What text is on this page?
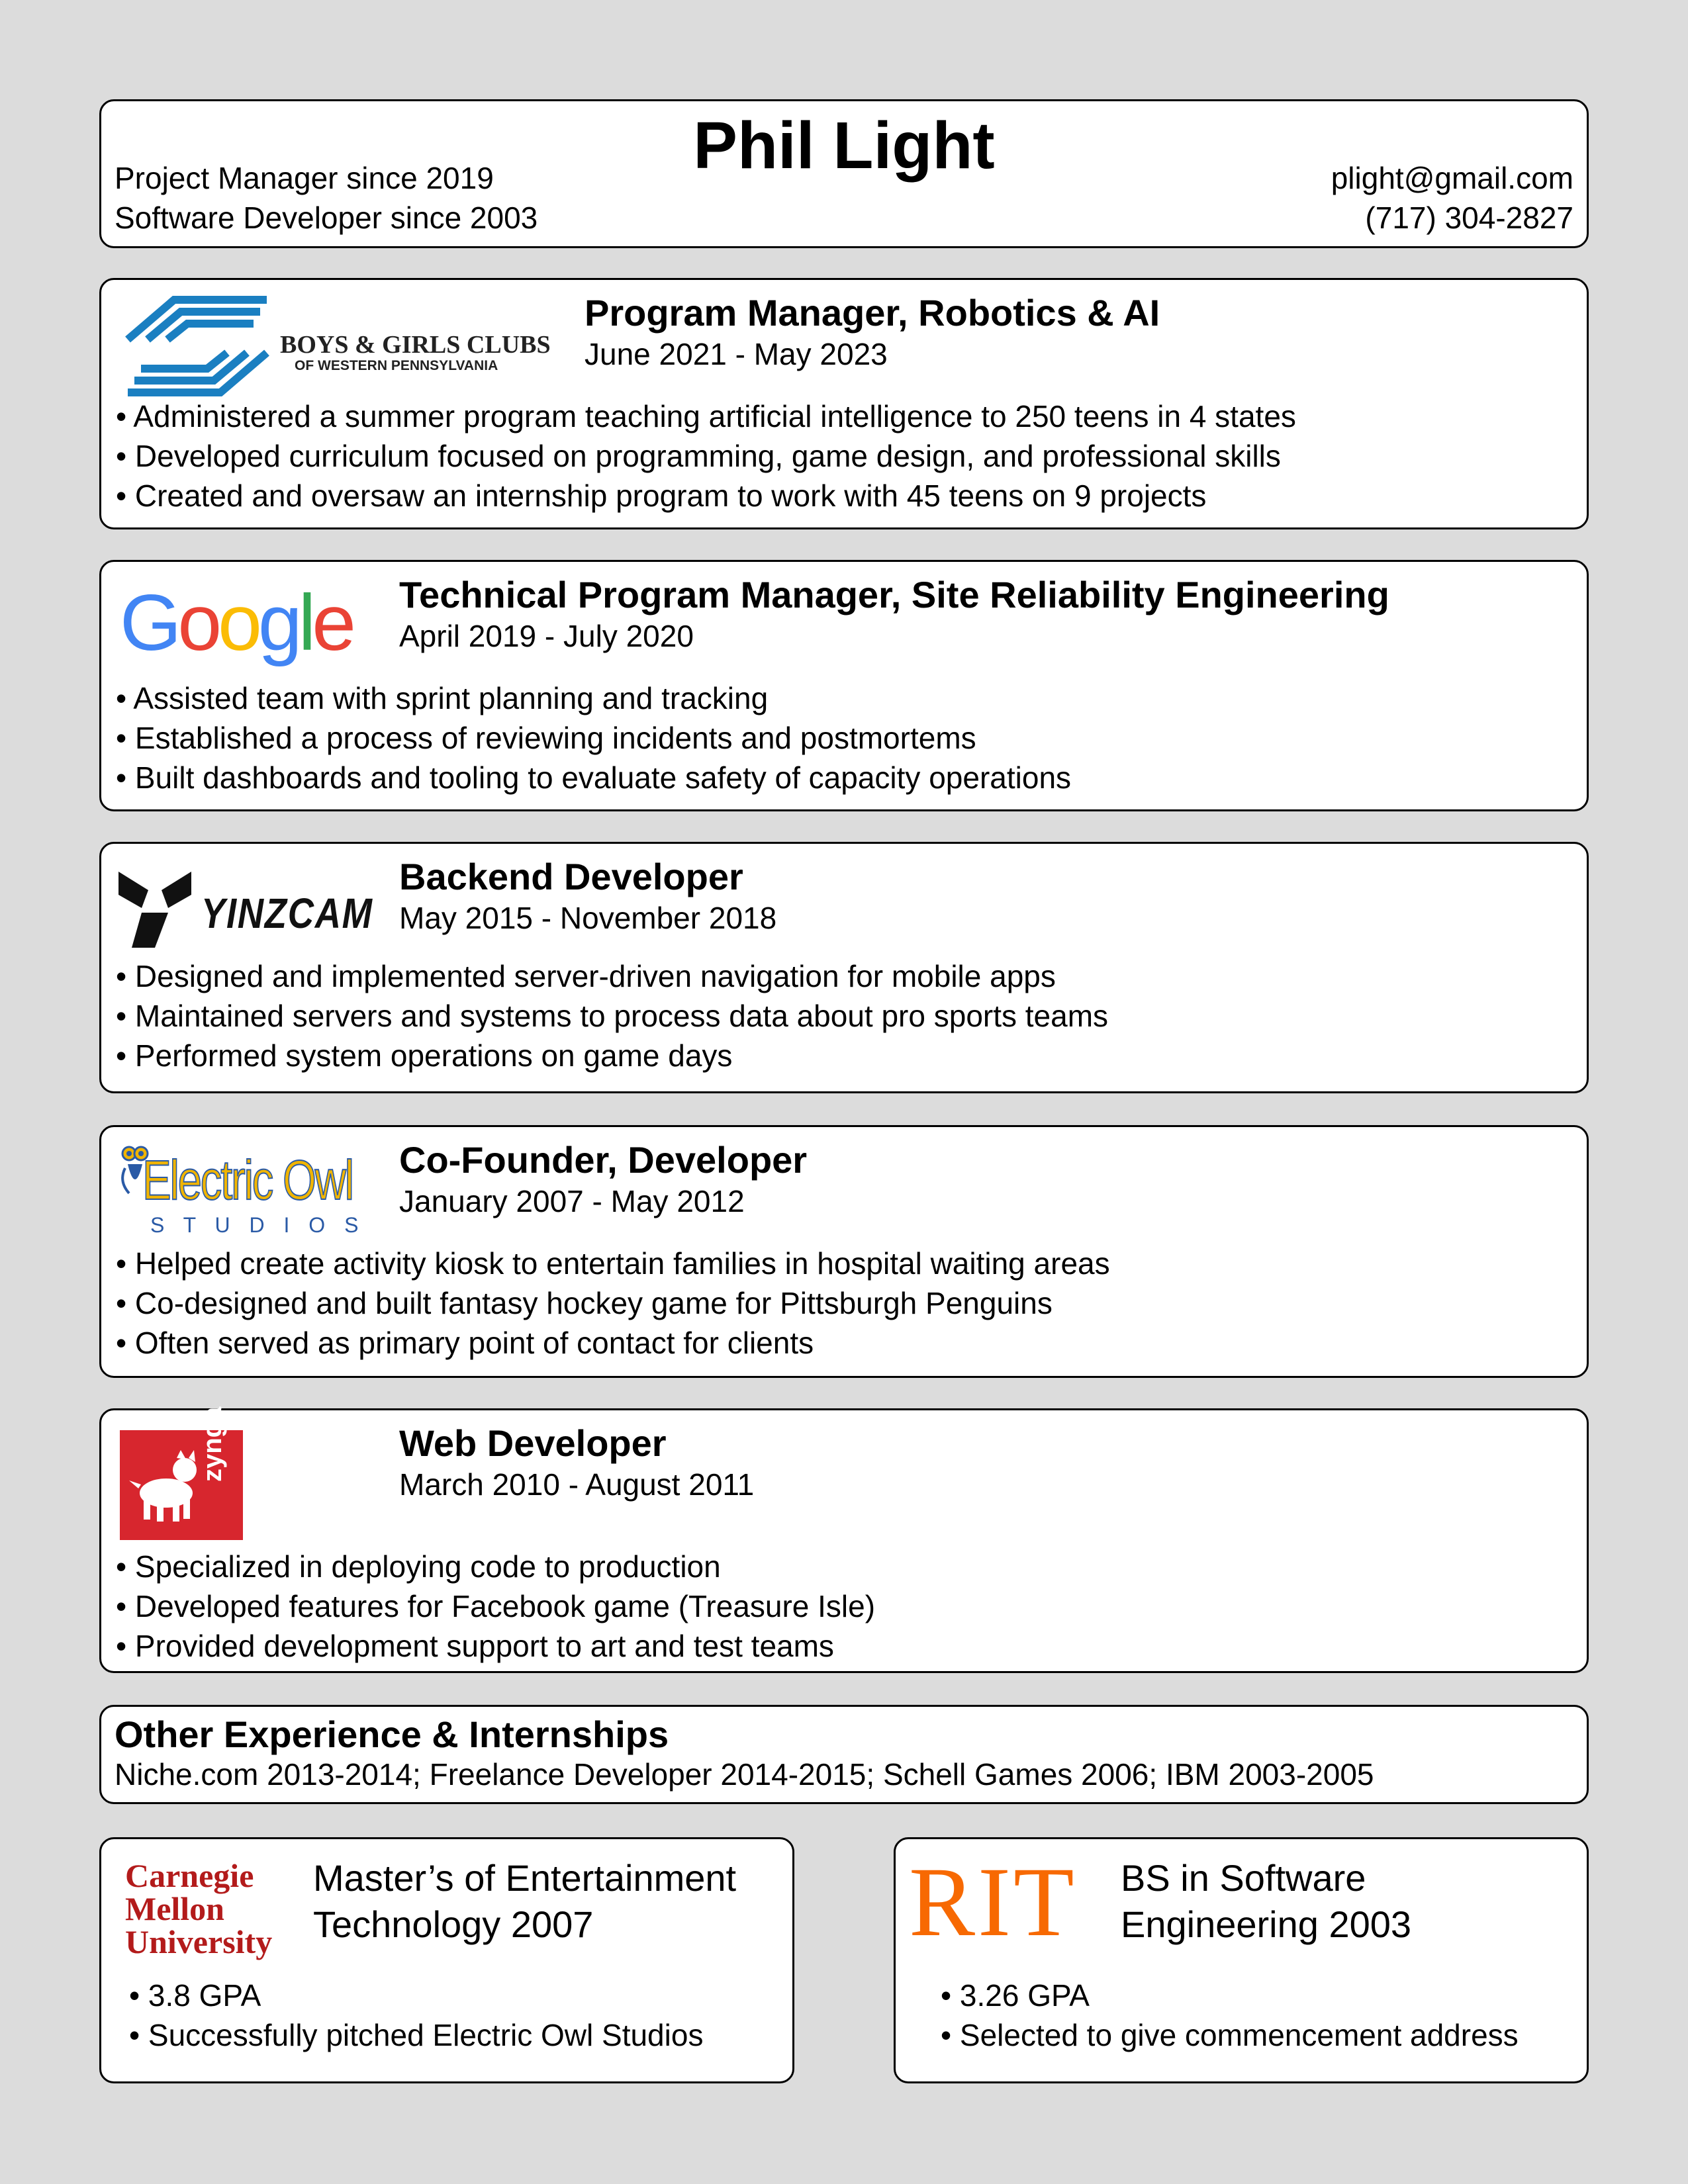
Phil Light
Project Manager since 2019
Software Developer since 2003
plight@gmail.com
(717) 304-2827
BOYS & GIRLS CLUBS
OF WESTERN PENNSYLVANIA
Program Manager, Robotics & AI
June 2021 - May 2023
• Administered a summer program teaching artificial intelligence to 250 teens in 4 states
• Developed curriculum focused on programming, game design, and professional skills
• Created and oversaw an internship program to work with 45 teens on 9 projects
Google Technical Program Manager, Site Reliability Engineering
April 2019 - July 2020
• Assisted team with sprint planning and tracking
• Established a process of reviewing incidents and postmortems
• Built dashboards and tooling to evaluate safety of capacity operations
YINZCAM
Backend Developer
May 2015 - November 2018
• Designed and implemented server-driven navigation for mobile apps
• Maintained servers and systems to process data about pro sports teams
• Performed system operations on game days
Electric Owl
S T U D I O S
Co-Founder, Developer
January 2007 - May 2012
• Helped create activity kiosk to entertain families in hospital waiting areas
• Co-designed and built fantasy hockey game for Pittsburgh Penguins
• Often served as primary point of contact for clients
zynga	Web Developer
March 2010 - August 2011
• Specialized in deploying code to production
• Developed features for Facebook game (Treasure Isle)
• Provided development support to art and test teams
Other Experience & Internships
Niche.com 2013-2014; Freelance Developer 2014-2015; Schell Games 2006; IBM 2003-2005
Carnegie
Mellon
University
Master’s of Entertainment
Technology 2007
• 3.8 GPA
• Successfully pitched Electric Owl Studios
RIT BS in Software
Engineering 2003
• 3.26 GPA
• Selected to give commencement address
